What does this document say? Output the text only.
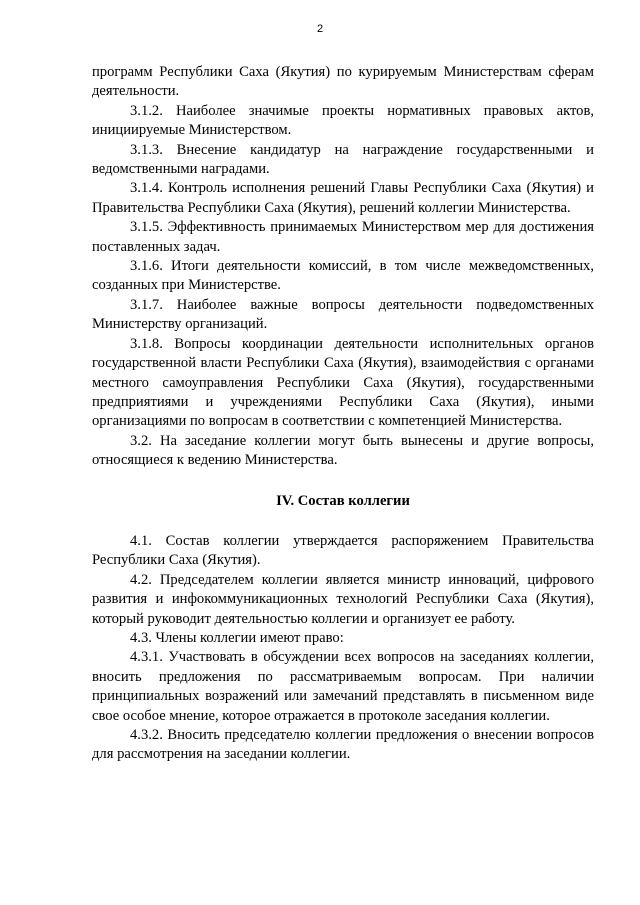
2

программ Республики Саха (Якутия) по курируемым Министерствам сферам деятельности.

3.1.2. Наиболее значимые проекты нормативных правовых актов, инициируемые Министерством.

3.1.3. Внесение кандидатур на награждение государственными и ведомственными наградами.

3.1.4. Контроль исполнения решений Главы Республики Саха (Якутия) и Правительства Республики Саха (Якутия), решений коллегии Министерства.

3.1.5. Эффективность принимаемых Министерством мер для достижения поставленных задач.

3.1.6. Итоги деятельности комиссий, в том числе межведомственных, созданных при Министерстве.

3.1.7. Наиболее важные вопросы деятельности подведомственных Министерству организаций.

3.1.8. Вопросы координации деятельности исполнительных органов государственной власти Республики Саха (Якутия), взаимодействия с органами местного самоуправления Республики Саха (Якутия), государственными предприятиями и учреждениями Республики Саха (Якутия), иными организациями по вопросам в соответствии с компетенцией Министерства.

3.2. На заседание коллегии могут быть вынесены и другие вопросы, относящиеся к ведению Министерства.

IV. Состав коллегии

4.1. Состав коллегии утверждается распоряжением Правительства Республики Саха (Якутия).

4.2. Председателем коллегии является министр инноваций, цифрового развития и инфокоммуникационных технологий Республики Саха (Якутия), который руководит деятельностью коллегии и организует ее работу.

4.3. Члены коллегии имеют право:

4.3.1. Участвовать в обсуждении всех вопросов на заседаниях коллегии, вносить предложения по рассматриваемым вопросам. При наличии принципиальных возражений или замечаний представлять в письменном виде свое особое мнение, которое отражается в протоколе заседания коллегии.

4.3.2. Вносить председателю коллегии предложения о внесении вопросов для рассмотрения на заседании коллегии.
